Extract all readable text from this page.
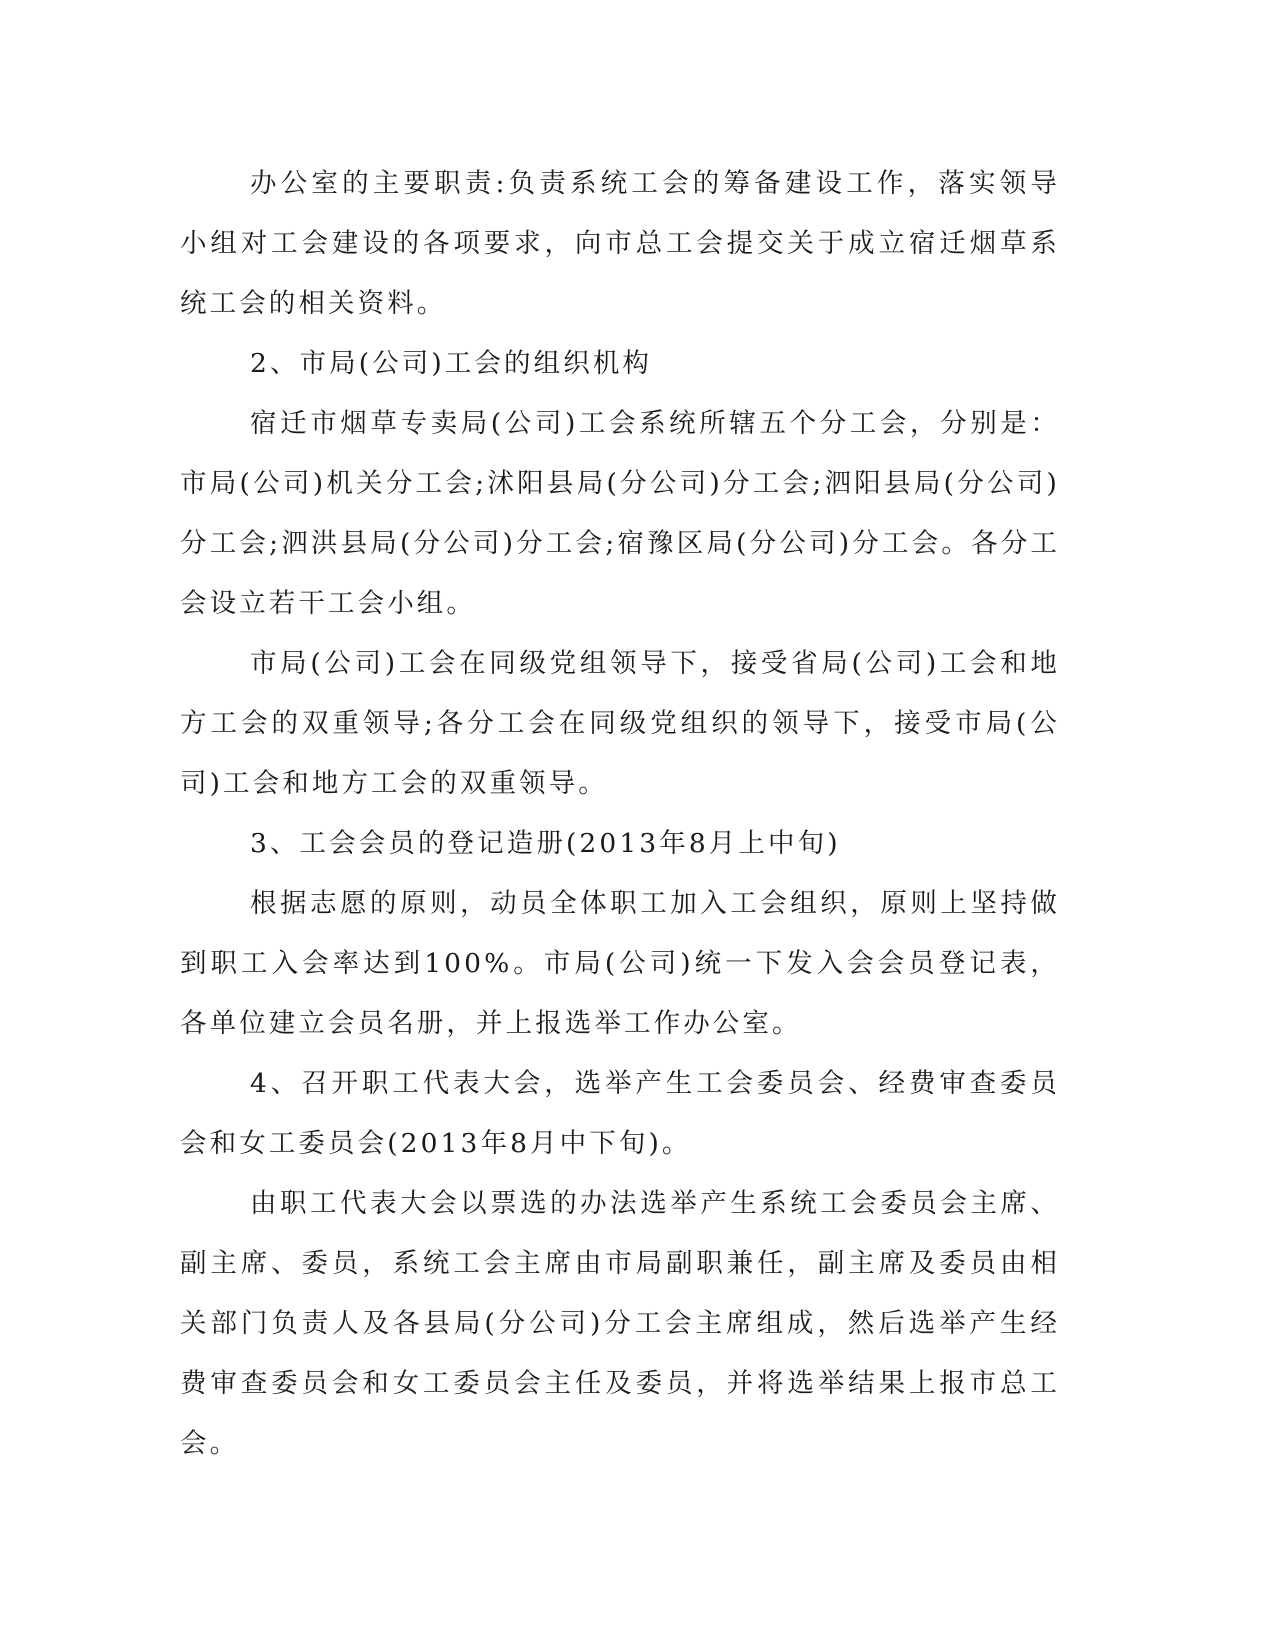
办公室的主要职责:负责系统工会的筹备建设工作，落实领导小组对工会建设的各项要求，向市总工会提交关于成立宿迁烟草系统工会的相关资料。

2、市局(公司)工会的组织机构

宿迁市烟草专卖局(公司)工会系统所辖五个分工会，分别是：市局(公司)机关分工会;沭阳县局(分公司)分工会;泗阳县局(分公司)分工会;泗洪县局(分公司)分工会;宿豫区局(分公司)分工会。各分工会设立若干工会小组。

市局(公司)工会在同级党组领导下，接受省局(公司)工会和地方工会的双重领导;各分工会在同级党组织的领导下，接受市局(公司)工会和地方工会的双重领导。

3、工会会员的登记造册(2013年8月上中旬)

根据志愿的原则，动员全体职工加入工会组织，原则上坚持做到职工入会率达到100%。市局(公司)统一下发入会会员登记表，各单位建立会员名册，并上报选举工作办公室。

4、召开职工代表大会，选举产生工会委员会、经费审查委员会和女工委员会(2013年8月中下旬)。

由职工代表大会以票选的办法选举产生系统工会委员会主席、副主席、委员，系统工会主席由市局副职兼任，副主席及委员由相关部门负责人及各县局(分公司)分工会主席组成，然后选举产生经费审查委员会和女工委员会主任及委员，并将选举结果上报市总工会。
